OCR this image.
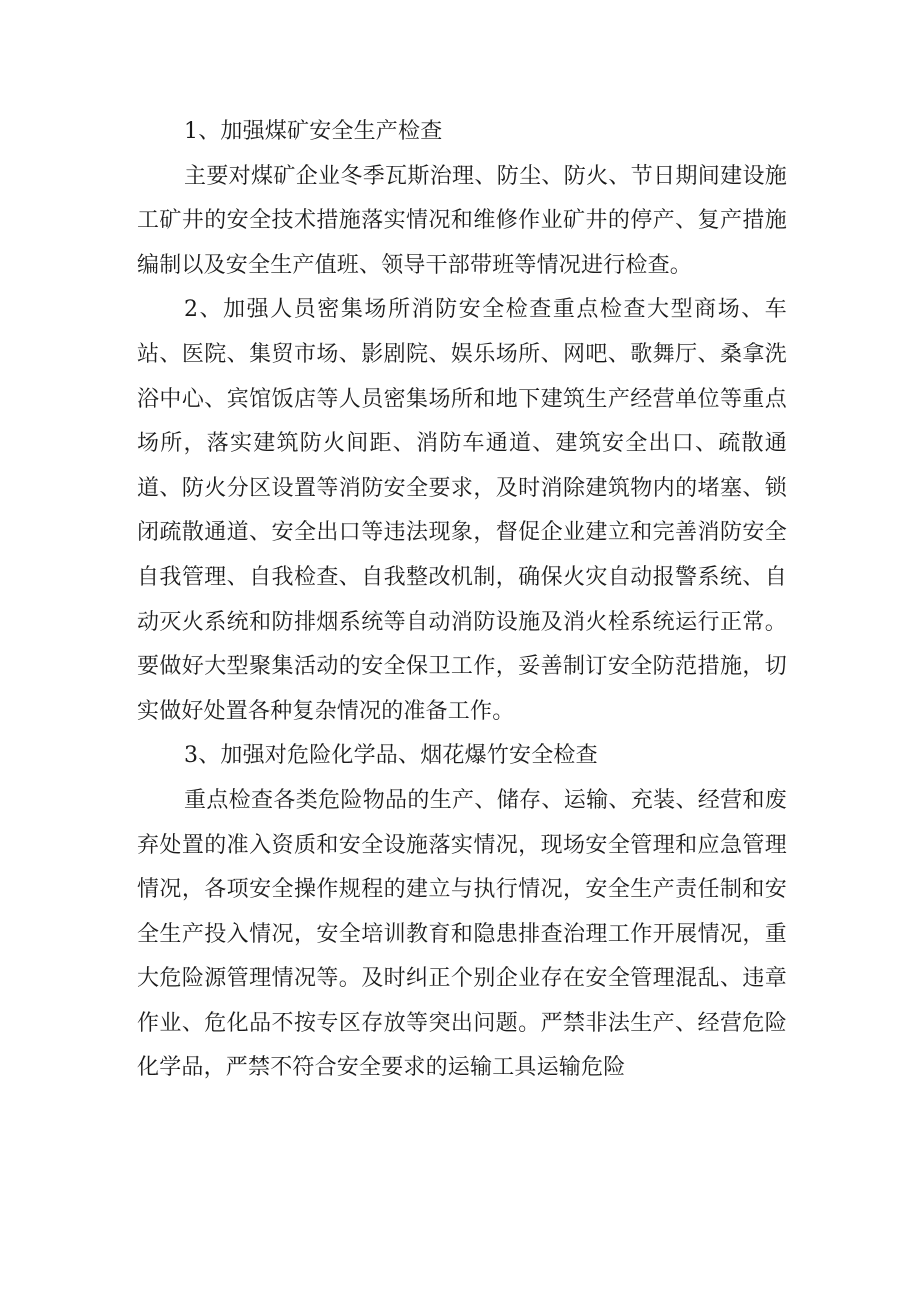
1、加强煤矿安全生产检查

主要对煤矿企业冬季瓦斯治理、防尘、防火、节日期间建设施工矿井的安全技术措施落实情况和维修作业矿井的停产、复产措施编制以及安全生产值班、领导干部带班等情况进行检查。

2、加强人员密集场所消防安全检查重点检查大型商场、车站、医院、集贸市场、影剧院、娱乐场所、网吧、歌舞厅、桑拿洗浴中心、宾馆饭店等人员密集场所和地下建筑生产经营单位等重点场所，落实建筑防火间距、消防车通道、建筑安全出口、疏散通道、防火分区设置等消防安全要求，及时消除建筑物内的堵塞、锁闭疏散通道、安全出口等违法现象，督促企业建立和完善消防安全自我管理、自我检查、自我整改机制，确保火灾自动报警系统、自动灭火系统和防排烟系统等自动消防设施及消火栓系统运行正常。要做好大型聚集活动的安全保卫工作，妥善制订安全防范措施，切实做好处置各种复杂情况的准备工作。

3、加强对危险化学品、烟花爆竹安全检查

重点检查各类危险物品的生产、储存、运输、充装、经营和废弃处置的准入资质和安全设施落实情况，现场安全管理和应急管理情况，各项安全操作规程的建立与执行情况，安全生产责任制和安全生产投入情况，安全培训教育和隐患排查治理工作开展情况，重大危险源管理情况等。及时纠正个别企业存在安全管理混乱、违章作业、危化品不按专区存放等突出问题。严禁非法生产、经营危险化学品，严禁不符合安全要求的运输工具运输危险
